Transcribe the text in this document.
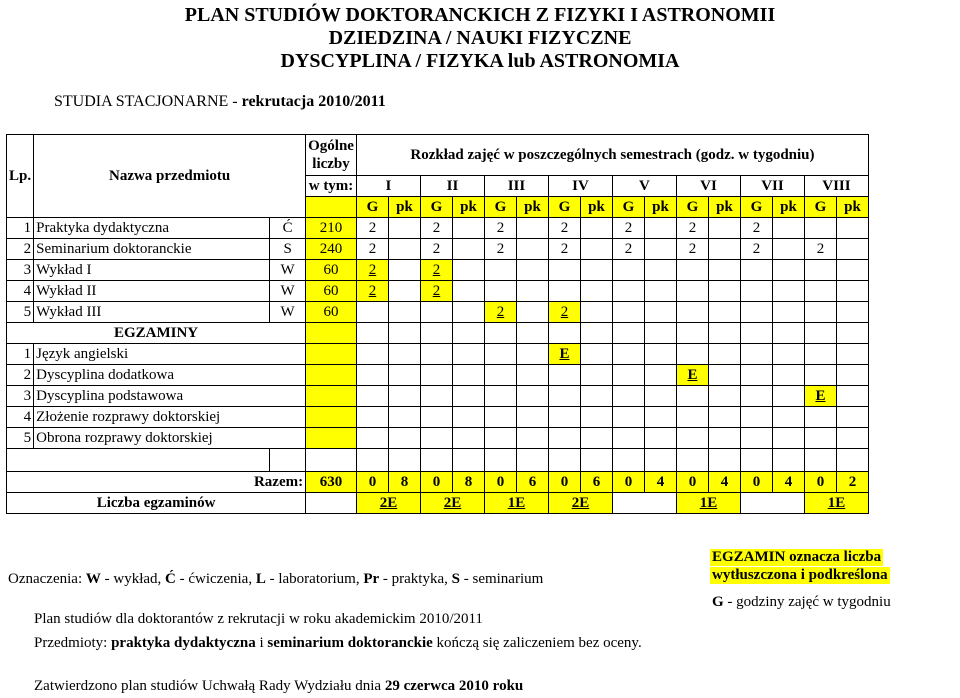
PLAN STUDIÓW DOKTORANCKICH Z FIZYKI I ASTRONOMII
DZIEDZINA / NAUKI FIZYCZNE
DYSCYPLINA / FIZYKA lub ASTRONOMIA
STUDIA STACJONARNE - rekrutacja 2010/2011
Lp.	Nazwa przedmiotu		Ogólne liczby	Rozkład zajęć w poszczególnych semestrach (godz. w tygodniu)															
			w tym:	I		II		III		IV		V		VI		VII		VIII	
				G	pk	G	pk	G	pk	G	pk	G	pk	G	pk	G	pk	G	pk
1	Praktyka dydaktyczna	Ć	210	2		2		2		2		2		2		2			
2	Seminarium doktoranckie	S	240	2		2		2		2		2		2		2		2	
3	Wykład I	W	60	2		2													
4	Wykład II	W	60	2		2													
5	Wykład III	W	60					2		2									
EGZAMINY																			
1	Język angielski									E									
2	Dyscyplina dodatkowa													E					
3	Dyscyplina podstawowa																	E	
4	Złożenie rozprawy doktorskiej																		
5	Obrona rozprawy doktorskiej																		

Razem:			630	0	8	0	8	0	6	0	6	0	4	0	4	0	4	0	2
Liczba egzaminów				2E		2E		1E		2E				1E				1E	
EGZAMIN oznacza liczba
wytłuszczona i podkreślona
Oznaczenia: W - wykład, Ć - ćwiczenia, L - laboratorium, Pr - praktyka, S - seminarium
G - godziny zajęć w tygodniu
Plan studiów dla doktorantów z rekrutacji w roku akademickim 2010/2011
Przedmioty: praktyka dydaktyczna i seminarium doktoranckie kończą się zaliczeniem bez oceny.
Zatwierdzono plan studiów Uchwałą Rady Wydziału dnia 29 czerwca 2010 roku
